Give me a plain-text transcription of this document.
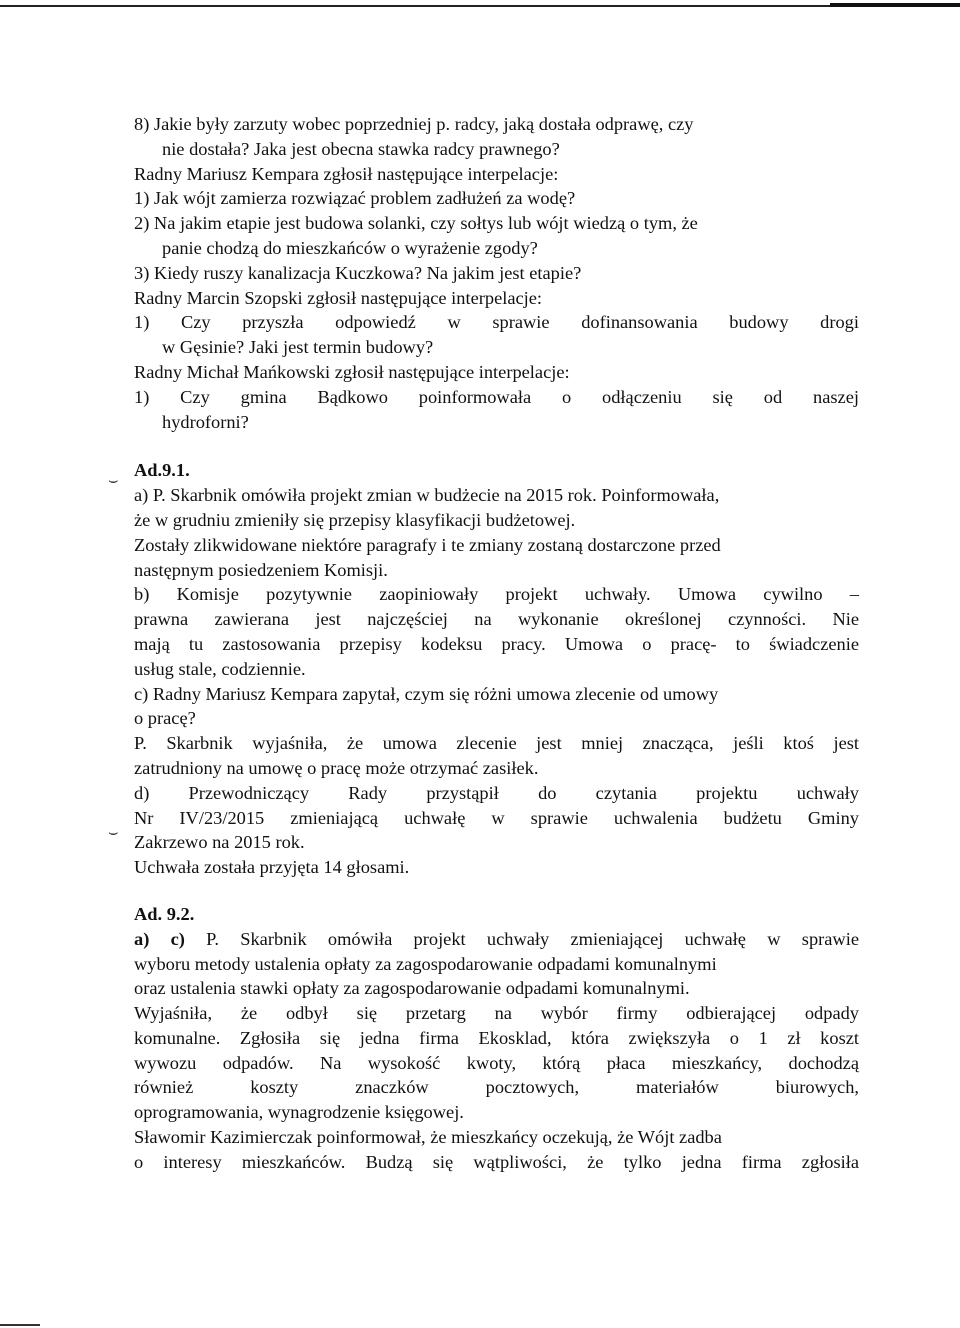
⌣
⌣
8) Jakie były zarzuty wobec poprzedniej p. radcy, jaką dostała odprawę, czy
nie dostała? Jaka jest obecna stawka radcy prawnego?
Radny Mariusz Kempara zgłosił następujące interpelacje:
1) Jak wójt zamierza rozwiązać problem zadłużeń za wodę?
2) Na jakim etapie jest budowa solanki, czy sołtys lub wójt wiedzą o tym, że
panie chodzą do mieszkańców o wyrażenie zgody?
3) Kiedy ruszy kanalizacja Kuczkowa? Na jakim jest etapie?
Radny Marcin Szopski zgłosił następujące interpelacje:
1) Czy przyszła odpowiedź w sprawie dofinansowania budowy drogi
w Gęsinie? Jaki jest termin budowy?
Radny Michał Mańkowski zgłosił następujące interpelacje:
1) Czy gmina Bądkowo poinformowała o odłączeniu się od naszej
hydroforni?
Ad.9.1.
a) P. Skarbnik omówiła projekt zmian w budżecie na 2015 rok. Poinformowała,
że w grudniu zmieniły się przepisy klasyfikacji budżetowej.
Zostały zlikwidowane niektóre paragrafy i te zmiany zostaną dostarczone przed
następnym posiedzeniem Komisji.
b) Komisje pozytywnie zaopiniowały projekt uchwały. Umowa cywilno –
prawna zawierana jest najczęściej na wykonanie określonej czynności. Nie
mają tu zastosowania przepisy kodeksu pracy. Umowa o pracę- to świadczenie
usług stale, codziennie.
c) Radny Mariusz Kempara zapytał, czym się różni umowa zlecenie od umowy
o pracę?
P. Skarbnik wyjaśniła, że umowa zlecenie jest mniej znacząca, jeśli ktoś jest
zatrudniony na umowę o pracę może otrzymać zasiłek.
d) Przewodniczący Rady przystąpił do czytania projektu uchwały
Nr IV/23/2015 zmieniającą uchwałę w sprawie uchwalenia budżetu Gminy
Zakrzewo na 2015 rok.
Uchwała została przyjęta 14 głosami.
Ad. 9.2.
a) c) P. Skarbnik omówiła projekt uchwały zmieniającej uchwałę w sprawie
wyboru metody ustalenia opłaty za zagospodarowanie odpadami komunalnymi
oraz ustalenia stawki opłaty za zagospodarowanie odpadami komunalnymi.
Wyjaśniła, że odbył się przetarg na wybór firmy odbierającej odpady
komunalne. Zgłosiła się jedna firma Ekosklad, która zwiększyła o 1 zł koszt
wywozu odpadów. Na wysokość kwoty, którą płaca mieszkańcy, dochodzą
również koszty znaczków pocztowych, materiałów biurowych,
oprogramowania, wynagrodzenie księgowej.
Sławomir Kazimierczak poinformował, że mieszkańcy oczekują, że Wójt zadba
o interesy mieszkańców. Budzą się wątpliwości, że tylko jedna firma zgłosiła
